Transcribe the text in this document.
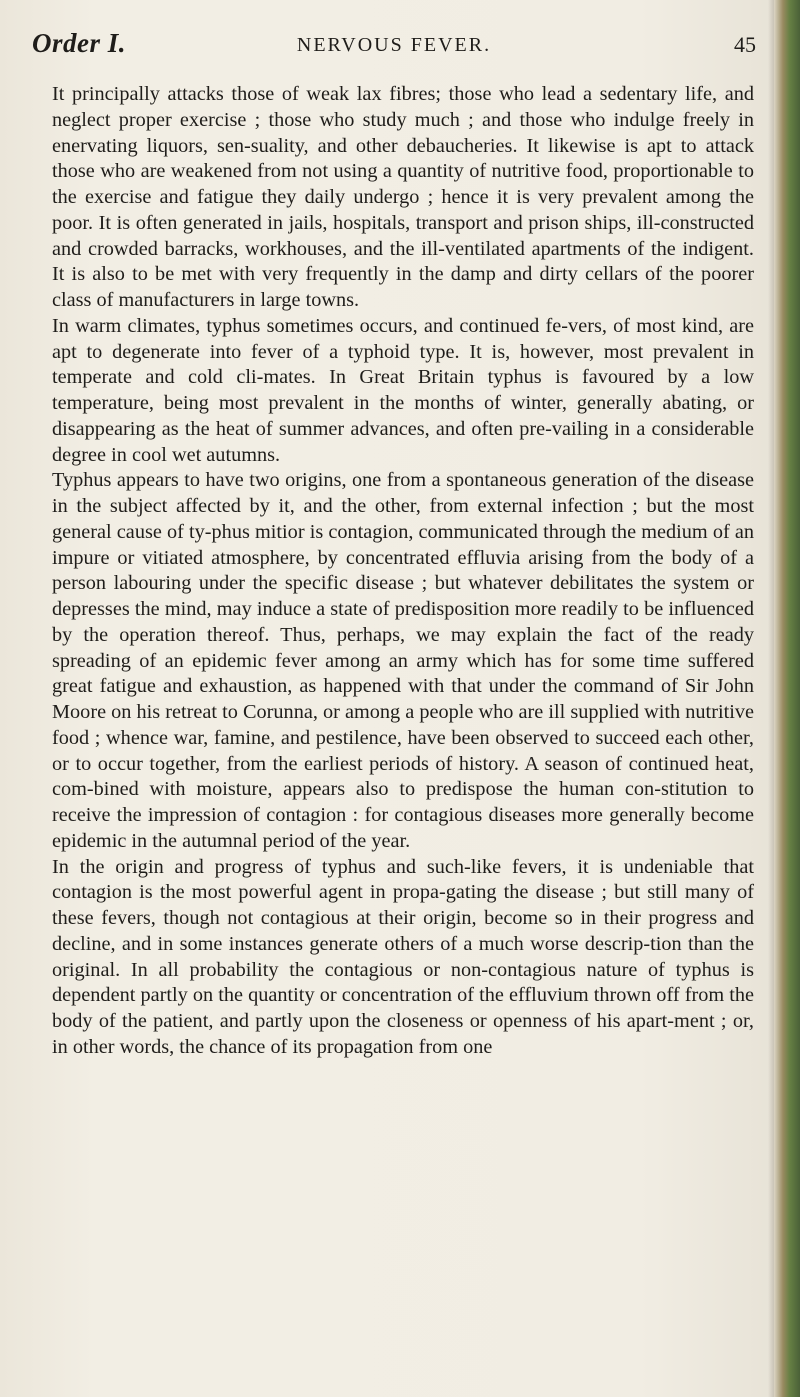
Order I.	NERVOUS FEVER.	45

It principally attacks those of weak lax fibres; those who lead a sedentary life, and neglect proper exercise ; those who study much ; and those who indulge freely in enervating liquors, sen-suality, and other debaucheries. It likewise is apt to attack those who are weakened from not using a quantity of nutritive food, proportionable to the exercise and fatigue they daily undergo ; hence it is very prevalent among the poor. It is often generated in jails, hospitals, transport and prison ships, ill-constructed and crowded barracks, workhouses, and the ill-ventilated apartments of the indigent. It is also to be met with very frequently in the damp and dirty cellars of the poorer class of manufacturers in large towns.

In warm climates, typhus sometimes occurs, and continued fe-vers, of most kind, are apt to degenerate into fever of a typhoid type. It is, however, most prevalent in temperate and cold cli-mates. In Great Britain typhus is favoured by a low temperature, being most prevalent in the months of winter, generally abating, or disappearing as the heat of summer advances, and often pre-vailing in a considerable degree in cool wet autumns.

Typhus appears to have two origins, one from a spontaneous generation of the disease in the subject affected by it, and the other, from external infection ; but the most general cause of ty-phus mitior is contagion, communicated through the medium of an impure or vitiated atmosphere, by concentrated effluvia arising from the body of a person labouring under the specific disease ; but whatever debilitates the system or depresses the mind, may induce a state of predisposition more readily to be influenced by the operation thereof. Thus, perhaps, we may explain the fact of the ready spreading of an epidemic fever among an army which has for some time suffered great fatigue and exhaustion, as happened with that under the command of Sir John Moore on his retreat to Corunna, or among a people who are ill supplied with nutritive food ; whence war, famine, and pestilence, have been observed to succeed each other, or to occur together, from the earliest periods of history. A season of continued heat, com-bined with moisture, appears also to predispose the human con-stitution to receive the impression of contagion : for contagious diseases more generally become epidemic in the autumnal period of the year.

In the origin and progress of typhus and such-like fevers, it is undeniable that contagion is the most powerful agent in propa-gating the disease ; but still many of these fevers, though not contagious at their origin, become so in their progress and decline, and in some instances generate others of a much worse descrip-tion than the original. In all probability the contagious or non-contagious nature of typhus is dependent partly on the quantity or concentration of the effluvium thrown off from the body of the patient, and partly upon the closeness or openness of his apart-ment ; or, in other words, the chance of its propagation from one
